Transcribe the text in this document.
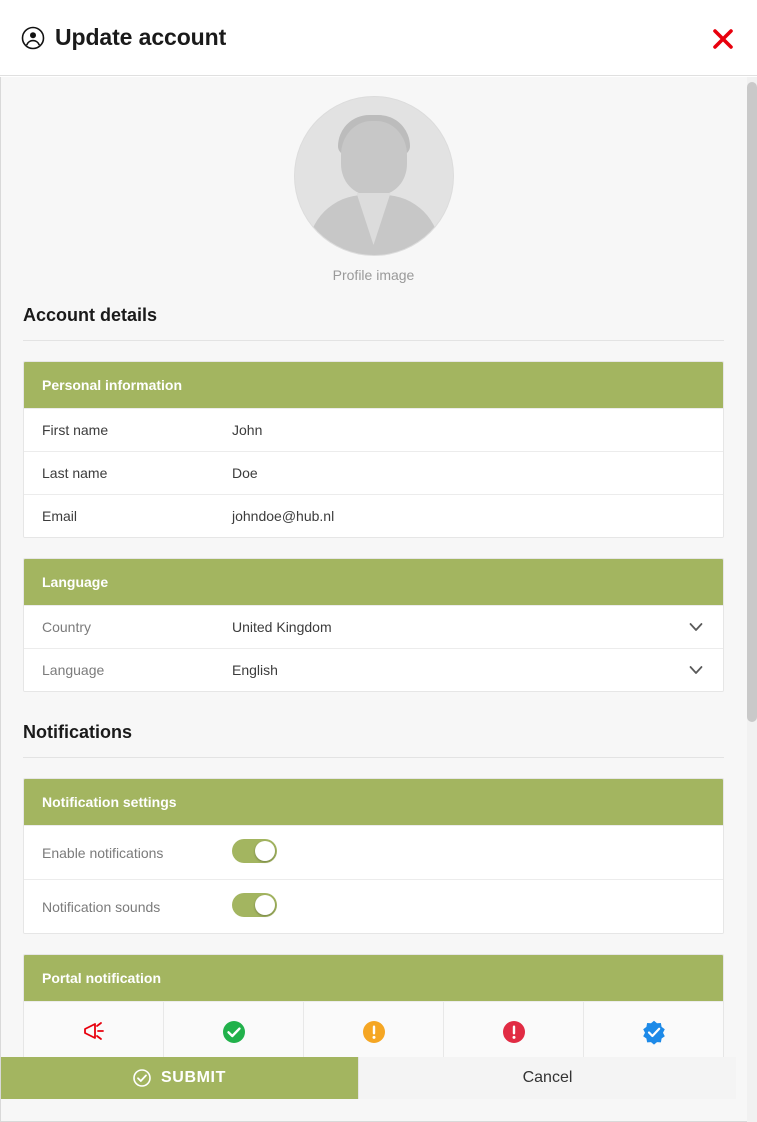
Update account
Profile image
Account details
Personal information
First name	John
Last name	Doe
Email	johndoe@hub.nl
Language
Country	United Kingdom
Language	English
Notifications
Notification settings
Enable notifications
Notification sounds
Portal notification
SUBMIT	Cancel
